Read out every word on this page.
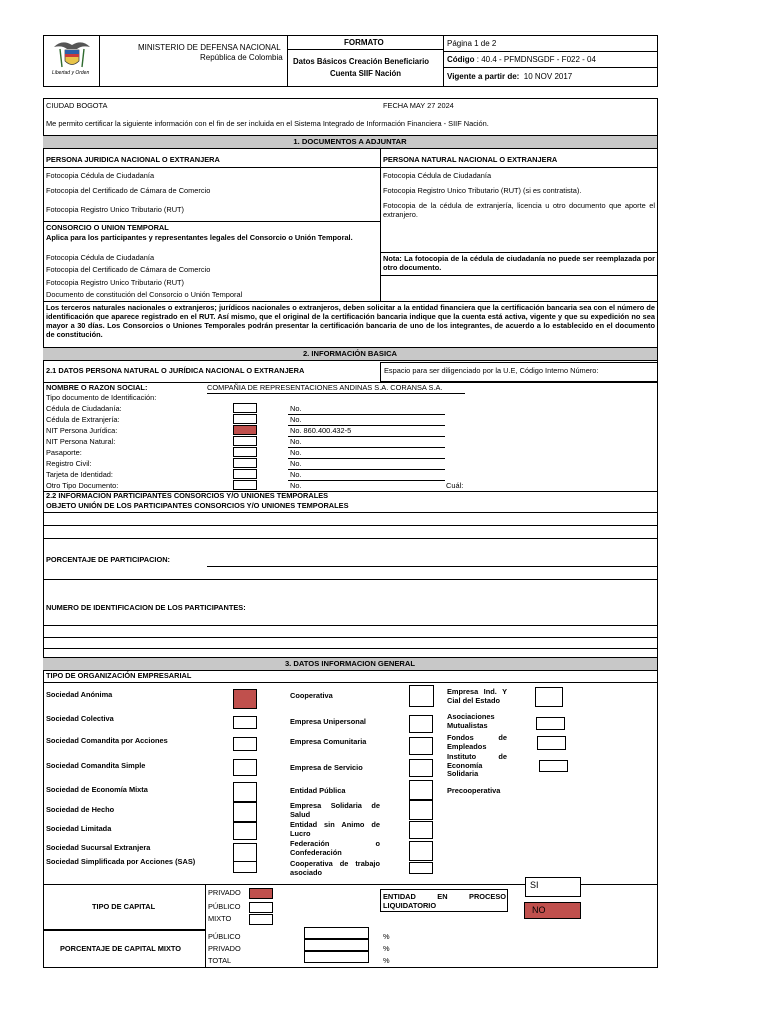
Libertad y Orden
MINISTERIO DE DEFENSA NACIONAL
República de Colombia
FORMATO
Datos Básicos Creación Beneficiario
Cuenta SIIF Nación
Página 1 de 2
Código : 40.4 - PFMDNSGDF - F022 - 04
Vigente a partir de: 10 NOV 2017
CIUDAD BOGOTA	FECHA MAY 27 2024
Me permito certificar la siguiente información con el fin de ser incluida en el Sistema Integrado de Información Financiera - SIIF Nación.
1. DOCUMENTOS A ADJUNTAR
PERSONA JURIDICA NACIONAL O EXTRANJERA
Fotocopia Cédula de Ciudadanía
Fotocopia del Certificado de Cámara de Comercio
Fotocopia Registro Unico Tributario (RUT)
PERSONA NATURAL NACIONAL O EXTRANJERA
Fotocopia Cédula de Ciudadanía
Fotocopia Registro Unico Tributario (RUT) (si es contratista).
Fotocopia de la cédula de extranjería, licencia u otro documento que aporte el extranjero.
CONSORCIO O UNION TEMPORAL
Aplica para los participantes y representantes legales del Consorcio o Unión Temporal.
Fotocopia Cédula de Ciudadanía
Fotocopia del Certificado de Cámara de Comercio
Fotocopia Registro Unico Tributario (RUT)
Documento de constitución del Consorcio o Unión Temporal
Nota: La fotocopia de la cédula de ciudadanía no puede ser reemplazada por otro documento.
Los terceros naturales nacionales o extranjeros; jurídicos nacionales o extranjeros, deben solicitar a la entidad financiera que la certificación bancaria sea con el número de identificación que aparece registrado en el RUT. Así mismo, que el original de la certificación bancaria indique que la cuenta está activa, vigente y que su expedición no sea mayor a 30 días. Los Consorcios o Uniones Temporales podrán presentar la certificación bancaria de uno de los integrantes, de acuerdo a lo establecido en el documento de constitución.
2. INFORMACIÓN BASICA
2.1 DATOS PERSONA NATURAL O JURÍDICA NACIONAL O EXTRANJERA	Espacio para ser diligenciado por la U.E, Código Interno Número:
NOMBRE O RAZON SOCIAL:	COMPAÑIA DE REPRESENTACIONES ANDINAS S.A. CORANSA S.A.
Tipo documento de Identificación:
Cédula de Ciudadanía:	No.
Cédula de Extranjería:	No.
NIT Persona Jurídica:	No. 860.400.432-5
NIT Persona Natural:	No.
Pasaporte:	No.
Registro Civil:	No.
Tarjeta de Identidad:	No.
Otro Tipo Documento:	No.	Cuál:
2.2 INFORMACION PARTICIPANTES CONSORCIOS Y/O UNIONES TEMPORALES
OBJETO UNIÓN DE LOS PARTICIPANTES CONSORCIOS Y/O UNIONES TEMPORALES
PORCENTAJE DE PARTICIPACION:
NUMERO DE IDENTIFICACION DE LOS PARTICIPANTES:
3. DATOS INFORMACION GENERAL
TIPO DE ORGANIZACIÓN EMPRESARIAL
Sociedad Anónima
Sociedad Colectiva
Sociedad Comandita por Acciones
Sociedad Comandita Simple
Sociedad de Economía Mixta
Sociedad de Hecho
Sociedad Limitada
Sociedad Sucursal Extranjera
Sociedad Simplificada por Acciones (SAS)
Cooperativa
Empresa Unipersonal
Empresa Comunitaria
Empresa de Servicio
Entidad Pública
Empresa Solidaria de Salud
Entidad sin Animo de Lucro
Federación o Confederación
Cooperativa de trabajo asociado
Empresa Ind. Y Cial del Estado
Asociaciones Mutualistas
Fondos de Empleados
Instituto de Economía Solidaria
Precooperativa
TIPO DE CAPITAL
PRIVADO
PÚBLICO
MIXTO
ENTIDAD EN PROCESO LIQUIDATORIO
SI
NO
PORCENTAJE DE CAPITAL MIXTO
PÚBLICO	%
PRIVADO	%
TOTAL	%
